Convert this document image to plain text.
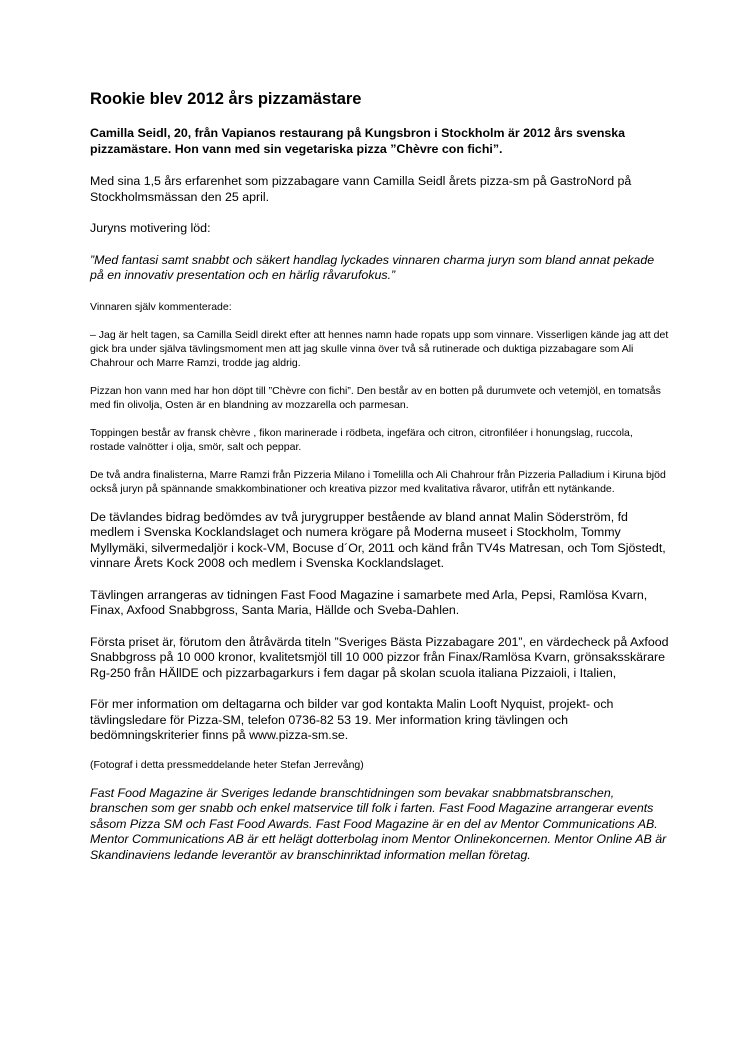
Rookie blev 2012 års pizzamästare

Camilla Seidl, 20, från Vapianos restaurang på Kungsbron i Stockholm är 2012 års svenska pizzamästare. Hon vann med sin vegetariska pizza ”Chèvre con fichi”.

Med sina 1,5 års erfarenhet som pizzabagare vann Camilla Seidl årets pizza-sm på GastroNord på Stockholmsmässan den 25 april.

Juryns motivering löd:

”Med fantasi samt snabbt och säkert handlag lyckades vinnaren charma juryn som bland annat pekade på en innovativ presentation och en härlig råvarufokus.”

Vinnaren själv kommenterade:

– Jag är helt tagen, sa Camilla Seidl direkt efter att hennes namn hade ropats upp som vinnare. Visserligen kände jag att det gick bra under själva tävlingsmoment men att jag skulle vinna över två så rutinerade och duktiga pizzabagare som Ali Chahrour och Marre Ramzi, trodde jag aldrig.

Pizzan hon vann med har hon döpt till ”Chèvre con fichi”. Den består av en botten på durumvete och vetemjöl, en tomatsås med fin olivolja, Osten är en blandning av mozzarella och parmesan.

Toppingen består av fransk chèvre , fikon marinerade i rödbeta, ingefära och citron, citronfiléer i honungslag, ruccola, rostade valnötter i olja, smör, salt och peppar.

De två andra finalisterna, Marre Ramzi från Pizzeria Milano i Tomelilla och Ali Chahrour från Pizzeria Palladium i Kiruna bjöd också juryn på spännande smakkombinationer och kreativa pizzor med kvalitativa råvaror, utifrån ett nytänkande.

De tävlandes bidrag bedömdes av två jurygrupper bestående av bland annat Malin Söderström, fd medlem i Svenska Kocklandslaget och numera krögare på Moderna museet i Stockholm, Tommy Myllymäki, silvermedaljör i kock-VM, Bocuse d´Or, 2011 och känd från TV4s Matresan, och Tom Sjöstedt, vinnare Årets Kock 2008 och medlem i Svenska Kocklandslaget.

Tävlingen arrangeras av tidningen Fast Food Magazine i samarbete med Arla, Pepsi, Ramlösa Kvarn, Finax, Axfood Snabbgross, Santa Maria, Hällde och Sveba-Dahlen.

Första priset är, förutom den åtråvärda titeln ”Sveriges Bästa Pizzabagare 201”, en värdecheck på Axfood Snabbgross på 10 000 kronor, kvalitetsmjöl till 10 000 pizzor från Finax/Ramlösa Kvarn, grönsaksskärare Rg-250 från HÄllDE och pizzarbagarkurs i fem dagar på skolan scuola italiana Pizzaioli, i Italien,

För mer information om deltagarna och bilder var god kontakta Malin Looft Nyquist, projekt- och tävlingsledare för Pizza-SM, telefon 0736-82 53 19. Mer information kring tävlingen och bedömningskriterier finns på www.pizza-sm.se.

(Fotograf i detta pressmeddelande heter Stefan Jerrevång)

Fast Food Magazine är Sveriges ledande branschtidningen som bevakar snabbmatsbranschen, branschen som ger snabb och enkel matservice till folk i farten. Fast Food Magazine arrangerar events såsom Pizza SM och Fast Food Awards. Fast Food Magazine är en del av Mentor Communications AB. Mentor Communications AB är ett helägt dotterbolag inom Mentor Onlinekoncernen. Mentor Online AB är Skandinaviens ledande leverantör av branschinriktad information mellan företag.
